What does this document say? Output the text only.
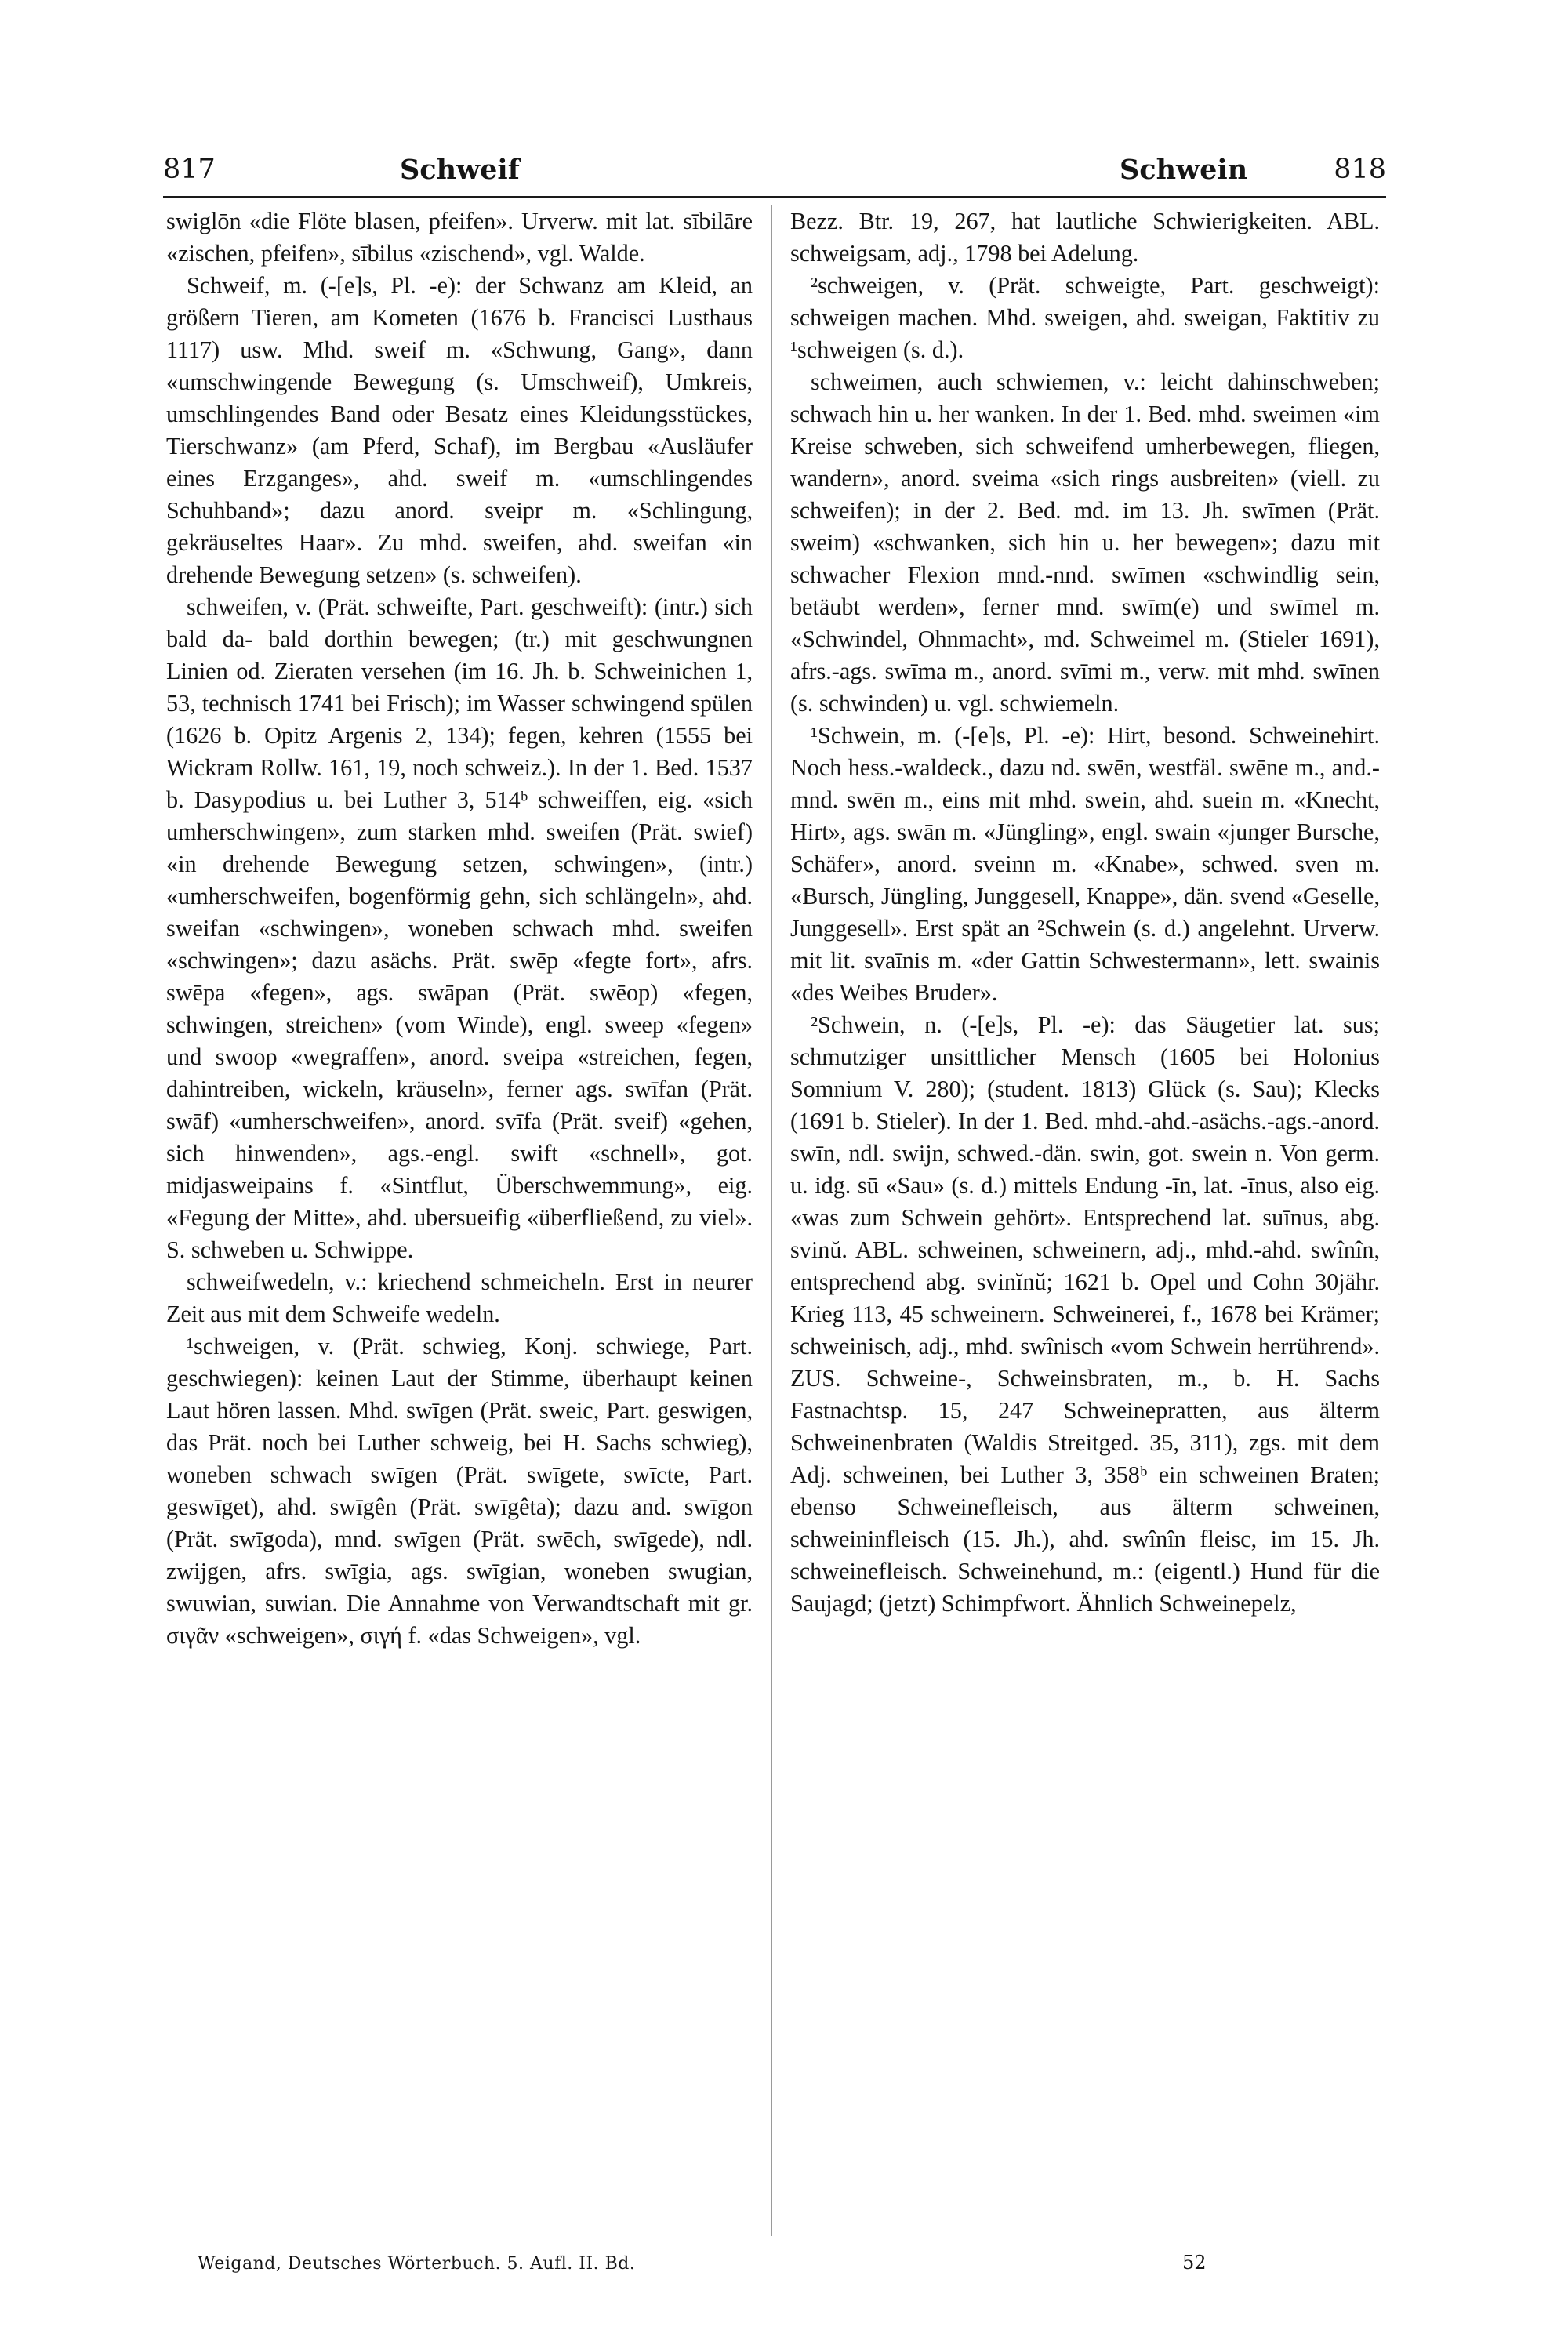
817	Schweif	Schwein	818

swiglōn «die Flöte blasen, pfeifen». Urverw. mit lat. sībilāre «zischen, pfeifen», sībilus «zischend», vgl. Walde.

Schweif, m. (-[e]s, Pl. -e): der Schwanz am Kleid, an größern Tieren, am Kometen (1676 b. Francisci Lusthaus 1117) usw. Mhd. sweif m. «Schwung, Gang», dann «umschwingende Bewegung (s. Umschweif), Umkreis, umschlingendes Band oder Besatz eines Kleidungsstückes, Tierschwanz» (am Pferd, Schaf), im Bergbau «Ausläufer eines Erzganges», ahd. sweif m. «umschlingendes Schuhband»; dazu anord. sveipr m. «Schlingung, gekräuseltes Haar». Zu mhd. sweifen, ahd. sweifan «in drehende Bewegung setzen» (s. schweifen).

schweifen, v. (Prät. schweifte, Part. geschweift): (intr.) sich bald da- bald dorthin bewegen; (tr.) mit geschwungnen Linien od. Zieraten versehen (im 16. Jh. b. Schweinichen 1, 53, technisch 1741 bei Frisch); im Wasser schwingend spülen (1626 b. Opitz Argenis 2, 134); fegen, kehren (1555 bei Wickram Rollw. 161, 19, noch schweiz.). In der 1. Bed. 1537 b. Dasypodius u. bei Luther 3, 514ᵇ schweiffen, eig. «sich umherschwingen», zum starken mhd. sweifen (Prät. swief) «in drehende Bewegung setzen, schwingen», (intr.) «umherschweifen, bogenförmig gehn, sich schlängeln», ahd. sweifan «schwingen», woneben schwach mhd. sweifen «schwingen»; dazu asächs. Prät. swēp «fegte fort», afrs. swēpa «fegen», ags. swāpan (Prät. swēop) «fegen, schwingen, streichen» (vom Winde), engl. sweep «fegen» und swoop «wegraffen», anord. sveipa «streichen, fegen, dahintreiben, wickeln, kräuseln», ferner ags. swīfan (Prät. swāf) «umherschweifen», anord. svīfa (Prät. sveif) «gehen, sich hinwenden», ags.-engl. swift «schnell», got. midjasweipains f. «Sintflut, Überschwemmung», eig. «Fegung der Mitte», ahd. ubersueifig «überfließend, zu viel». S. schweben u. Schwippe.

schweifwedeln, v.: kriechend schmeicheln. Erst in neurer Zeit aus mit dem Schweife wedeln.

¹schweigen, v. (Prät. schwieg, Konj. schwiege, Part. geschwiegen): keinen Laut der Stimme, überhaupt keinen Laut hören lassen. Mhd. swīgen (Prät. sweic, Part. geswigen, das Prät. noch bei Luther schweig, bei H. Sachs schwieg), woneben schwach swīgen (Prät. swīgete, swīcte, Part. geswīget), ahd. swīgên (Prät. swīgêta); dazu and. swīgon (Prät. swīgoda), mnd. swīgen (Prät. swēch, swīgede), ndl. zwijgen, afrs. swīgia, ags. swīgian, woneben swugian, swuwian, suwian. Die Annahme von Verwandtschaft mit gr. σιγᾶν «schweigen», σιγή f. «das Schweigen», vgl.

Bezz. Btr. 19, 267, hat lautliche Schwierigkeiten. ABL. schweigsam, adj., 1798 bei Adelung.

²schweigen, v. (Prät. schweigte, Part. geschweigt): schweigen machen. Mhd. sweigen, ahd. sweigan, Faktitiv zu ¹schweigen (s. d.).

schweimen, auch schwiemen, v.: leicht dahinschweben; schwach hin u. her wanken. In der 1. Bed. mhd. sweimen «im Kreise schweben, sich schweifend umherbewegen, fliegen, wandern», anord. sveima «sich rings ausbreiten» (viell. zu schweifen); in der 2. Bed. md. im 13. Jh. swīmen (Prät. sweim) «schwanken, sich hin u. her bewegen»; dazu mit schwacher Flexion mnd.-nnd. swīmen «schwindlig sein, betäubt werden», ferner mnd. swīm(e) und swīmel m. «Schwindel, Ohnmacht», md. Schweimel m. (Stieler 1691), afrs.-ags. swīma m., anord. svīmi m., verw. mit mhd. swīnen (s. schwinden) u. vgl. schwiemeln.

¹Schwein, m. (-[e]s, Pl. -e): Hirt, besond. Schweinehirt. Noch hess.-waldeck., dazu nd. swēn, westfäl. swēne m., and.-mnd. swēn m., eins mit mhd. swein, ahd. suein m. «Knecht, Hirt», ags. swān m. «Jüngling», engl. swain «junger Bursche, Schäfer», anord. sveinn m. «Knabe», schwed. sven m. «Bursch, Jüngling, Junggesell, Knappe», dän. svend «Geselle, Junggesell». Erst spät an ²Schwein (s. d.) angelehnt. Urverw. mit lit. svaīnis m. «der Gattin Schwestermann», lett. swainis «des Weibes Bruder».

²Schwein, n. (-[e]s, Pl. -e): das Säugetier lat. sus; schmutziger unsittlicher Mensch (1605 bei Holonius Somnium V. 280); (student. 1813) Glück (s. Sau); Klecks (1691 b. Stieler). In der 1. Bed. mhd.-ahd.-asächs.-ags.-anord. swīn, ndl. swijn, schwed.-dän. swin, got. swein n. Von germ. u. idg. sū «Sau» (s. d.) mittels Endung -īn, lat. -īnus, also eig. «was zum Schwein gehört». Entsprechend lat. suīnus, abg. svinŭ. ABL. schweinen, schweinern, adj., mhd.-ahd. swînîn, entsprechend abg. svinĭnŭ; 1621 b. Opel und Cohn 30jähr. Krieg 113, 45 schweinern. Schweinerei, f., 1678 bei Krämer; schweinisch, adj., mhd. swînisch «vom Schwein herrührend». ZUS. Schweine-, Schweinsbraten, m., b. H. Sachs Fastnachtsp. 15, 247 Schweinepratten, aus älterm Schweinenbraten (Waldis Streitged. 35, 311), zgs. mit dem Adj. schweinen, bei Luther 3, 358ᵇ ein schweinen Braten; ebenso Schweinefleisch, aus älterm schweinen, schweininfleisch (15. Jh.), ahd. swînîn fleisc, im 15. Jh. schweinefleisch. Schweinehund, m.: (eigentl.) Hund für die Saujagd; (jetzt) Schimpfwort. Ähnlich Schweinepelz,

Weigand, Deutsches Wörterbuch. 5. Aufl. II. Bd.	52
